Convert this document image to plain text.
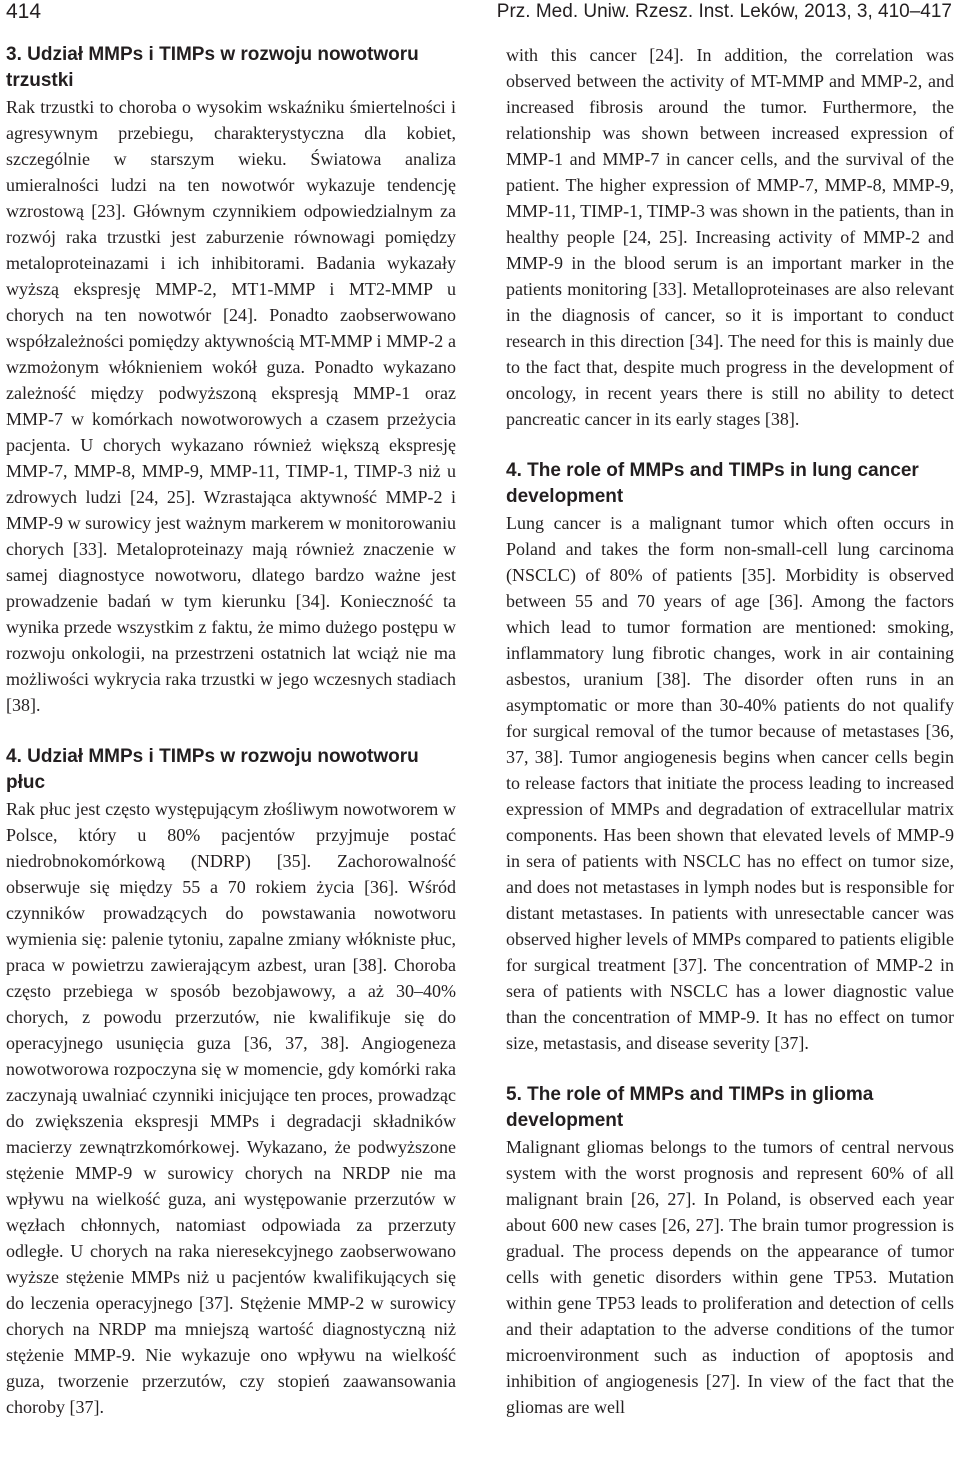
414	Prz. Med. Uniw. Rzesz. Inst. Leków, 2013, 3, 410–417
3. Udział MMPs i TIMPs w rozwoju nowotworu trzustki

Rak trzustki to choroba o wysokim wskaźniku śmiertelności i agresywnym przebiegu, charakterystyczna dla kobiet, szczególnie w starszym wieku. Światowa analiza umieralności ludzi na ten nowotwór wykazuje tendencję wzrostową [23]. Głównym czynnikiem odpowiedzialnym za rozwój raka trzustki jest zaburzenie równowagi pomiędzy metaloproteinazami i ich inhibitorami. Badania wykazały wyższą ekspresję MMP-2, MT1-MMP i MT2-MMP u chorych na ten nowotwór [24]. Ponadto zaobserwowano współzależności pomiędzy aktywnością MT-MMP i MMP-2 a wzmożonym włóknieniem wokół guza. Ponadto wykazano zależność między podwyższoną ekspresją MMP-1 oraz MMP-7 w komórkach nowotworowych a czasem przeżycia pacjenta. U chorych wykazano również większą ekspresję MMP-7, MMP-8, MMP-9, MMP-11, TIMP-1, TIMP-3 niż u zdrowych ludzi [24, 25]. Wzrastająca aktywność MMP-2 i MMP-9 w surowicy jest ważnym markerem w monitorowaniu chorych [33]. Metaloproteinazy mają również znaczenie w samej diagnostyce nowotworu, dlatego bardzo ważne jest prowadzenie badań w tym kierunku [34]. Konieczność ta wynika przede wszystkim z faktu, że mimo dużego postępu w rozwoju onkologii, na przestrzeni ostatnich lat wciąż nie ma możliwości wykrycia raka trzustki w jego wczesnych stadiach [38].

4. Udział MMPs i TIMPs w rozwoju nowotworu płuc

Rak płuc jest często występującym złośliwym nowotworem w Polsce, który u 80% pacjentów przyjmuje postać niedrobnokomórkową (NDRP) [35]. Zachorowalność obserwuje się między 55 a 70 rokiem życia [36]. Wśród czynników prowadzących do powstawania nowotworu wymienia się: palenie tytoniu, zapalne zmiany włókniste płuc, praca w powietrzu zawierającym azbest, uran [38]. Choroba często przebiega w sposób bezobjawowy, a aż 30–40% chorych, z powodu przerzutów, nie kwalifikuje się do operacyjnego usunięcia guza [36, 37, 38]. Angiogeneza nowotworowa rozpoczyna się w momencie, gdy komórki raka zaczynają uwalniać czynniki inicjujące ten proces, prowadząc do zwiększenia ekspresji MMPs i degradacji składników macierzy zewnątrzkomórkowej. Wykazano, że podwyższone stężenie MMP-9 w surowicy chorych na NRDP nie ma wpływu na wielkość guza, ani występowanie przerzutów w węzłach chłonnych, natomiast odpowiada za przerzuty odległe. U chorych na raka nieresekcyjnego zaobserwowano wyższe stężenie MMPs niż u pacjentów kwalifikujących się do leczenia operacyjnego [37]. Stężenie MMP-2 w surowicy chorych na NRDP ma mniejszą wartość diagnostyczną niż stężenie MMP-9. Nie wykazuje ono wpływu na wielkość guza, tworzenie przerzutów, czy stopień zaawansowania choroby [37].

with this cancer [24]. In addition, the correlation was observed between the activity of MT-MMP and MMP-2, and increased fibrosis around the tumor. Furthermore, the relationship was shown between increased expression of MMP-1 and MMP-7 in cancer cells, and the survival of the patient. The higher expression of MMP-7, MMP-8, MMP-9, MMP-11, TIMP-1, TIMP-3 was shown in the patients, than in healthy people [24, 25]. Increasing activity of MMP-2 and MMP-9 in the blood serum is an important marker in the patients monitoring [33]. Metalloproteinases are also relevant in the diagnosis of cancer, so it is important to conduct research in this direction [34]. The need for this is mainly due to the fact that, despite much progress in the development of oncology, in recent years there is still no ability to detect pancreatic cancer in its early stages [38].

4. The role of MMPs and TIMPs in lung cancer development

Lung cancer is a malignant tumor which often occurs in Poland and takes the form non-small-cell lung carcinoma (NSCLC) of 80% of patients [35]. Morbidity is observed between 55 and 70 years of age [36]. Among the factors which lead to tumor formation are mentioned: smoking, inflammatory lung fibrotic changes, work in air containing asbestos, uranium [38]. The disorder often runs in an asymptomatic or more than 30-40% patients do not qualify for surgical removal of the tumor because of metastases [36, 37, 38]. Tumor angiogenesis begins when cancer cells begin to release factors that initiate the process leading to increased expression of MMPs and degradation of extracellular matrix components. Has been shown that elevated levels of MMP-9 in sera of patients with NSCLC has no effect on tumor size, and does not metastases in lymph nodes but is responsible for distant metastases. In patients with unresectable cancer was observed higher levels of MMPs compared to patients eligible for surgical treatment [37]. The concentration of MMP-2 in sera of patients with NSCLC has a lower diagnostic value than the concentration of MMP-9. It has no effect on tumor size, metastasis, and disease severity [37].

5. The role of MMPs and TIMPs in glioma development

Malignant gliomas belongs to the tumors of central nervous system with the worst prognosis and represent 60% of all malignant brain [26, 27]. In Poland, is observed each year about 600 new cases [26, 27]. The brain tumor progression is gradual. The process depends on the appearance of tumor cells with genetic disorders within gene TP53. Mutation within gene TP53 leads to proliferation and detection of cells and their adaptation to the adverse conditions of the tumor microenvironment such as induction of apoptosis and inhibition of angiogenesis [27]. In view of the fact that the gliomas are well
